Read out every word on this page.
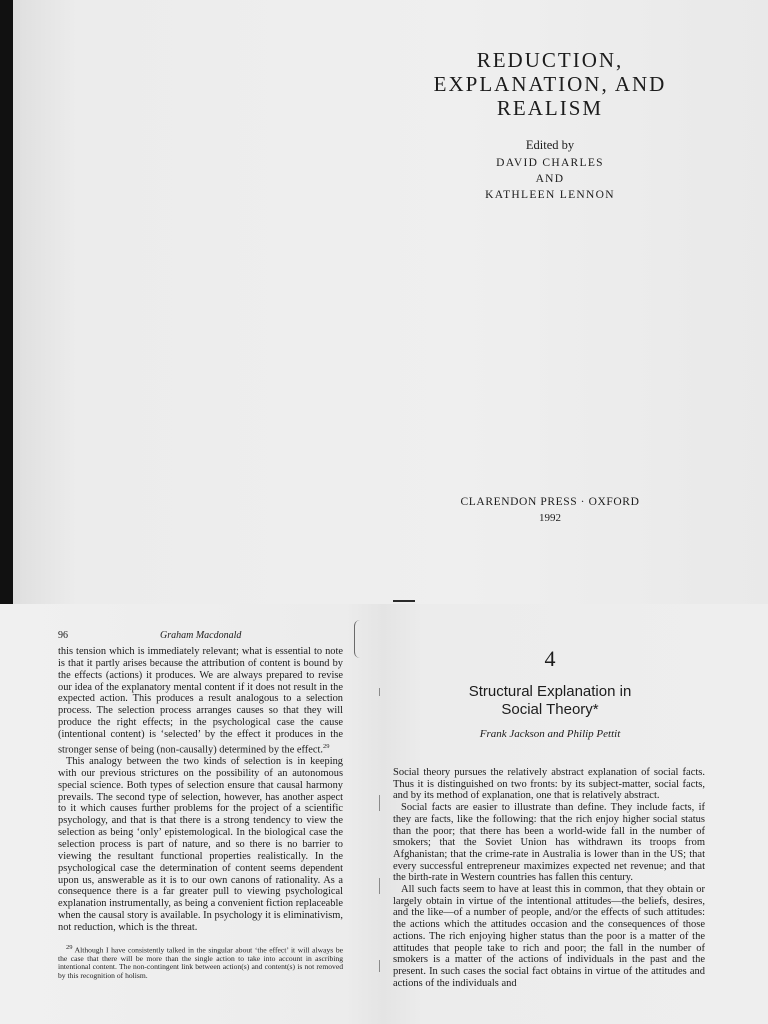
REDUCTION,
EXPLANATION, AND
REALISM
Edited by
DAVID CHARLES
AND
KATHLEEN LENNON
CLARENDON PRESS · OXFORD
1992
96	Graham Macdonald

this tension which is immediately relevant; what is essential to note is that it partly arises because the attribution of content is bound by the effects (actions) it produces. We are always prepared to revise our idea of the explanatory mental content if it does not result in the expected action. This produces a result analogous to a selection process. The selection process arranges causes so that they will produce the right effects; in the psychological case the cause (intentional content) is ‘selected’ by the effect it produces in the stronger sense of being (non-causally) determined by the effect.$^{29}$

This analogy between the two kinds of selection is in keeping with our previous strictures on the possibility of an autonomous special science. Both types of selection ensure that causal harmony prevails. The second type of selection, however, has another aspect to it which causes further problems for the project of a scientific psychology, and that is that there is a strong tendency to view the selection as being ‘only’ epistemological. In the biological case the selection process is part of nature, and so there is no barrier to viewing the resultant functional properties realistically. In the psychological case the determination of content seems dependent upon us, answerable as it is to our own canons of rationality. As a consequence there is a far greater pull to viewing psychological explanation instrumentally, as being a convenient fiction replaceable when the causal story is available. In psychology it is eliminativism, not reduction, which is the threat.

$^{29}$ Although I have consistently talked in the singular about ‘the effect’ it will always be the case that there will be more than the single action to take into account in ascribing intentional content. The non-contingent link between action(s) and content(s) is not removed by this recognition of holism.
4
Structural Explanation in
Social Theory*
Frank Jackson and Philip Pettit

Social theory pursues the relatively abstract explanation of social facts. Thus it is distinguished on two fronts: by its subject-matter, social facts, and by its method of explanation, one that is relatively abstract.

Social facts are easier to illustrate than define. They include facts, if they are facts, like the following: that the rich enjoy higher social status than the poor; that there has been a world-wide fall in the number of smokers; that the Soviet Union has withdrawn its troops from Afghanistan; that the crime-rate in Australia is lower than in the US; that every successful entrepreneur maximizes expected net revenue; and that the birth-rate in Western countries has fallen this century.

All such facts seem to have at least this in common, that they obtain or largely obtain in virtue of the intentional attitudes—the beliefs, desires, and the like—of a number of people, and/or the effects of such attitudes: the actions which the attitudes occasion and the consequences of those actions. The rich enjoying higher status than the poor is a matter of the attitudes that people take to rich and poor; the fall in the number of smokers is a matter of the actions of individuals in the past and the present. In such cases the social fact obtains in virtue of the attitudes and actions of the individuals and
